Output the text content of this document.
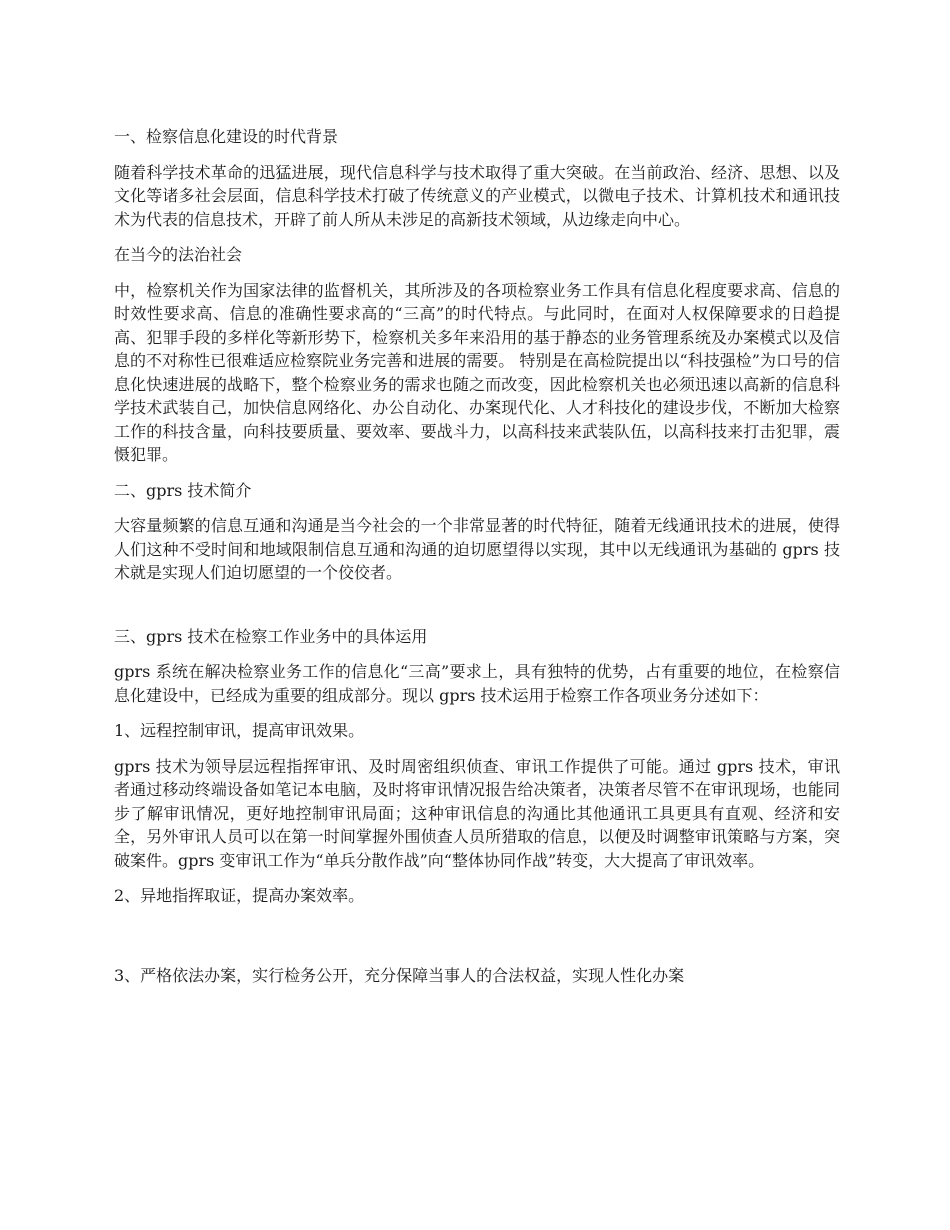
一、检察信息化建设的时代背景

随着科学技术革命的迅猛进展，现代信息科学与技术取得了重大突破。在当前政治、经济、思想、以及文化等诸多社会层面，信息科学技术打破了传统意义的产业模式，以微电子技术、计算机技术和通讯技术为代表的信息技术，开辟了前人所从未涉足的高新技术领域，从边缘走向中心。

在当今的法治社会

中，检察机关作为国家法律的监督机关，其所涉及的各项检察业务工作具有信息化程度要求高、信息的时效性要求高、信息的准确性要求高的“三高”的时代特点。与此同时，在面对人权保障要求的日趋提高、犯罪手段的多样化等新形势下，检察机关多年来沿用的基于静态的业务管理系统及办案模式以及信息的不对称性已很难适应检察院业务完善和进展的需要。 特别是在高检院提出以“科技强检”为口号的信息化快速进展的战略下，整个检察业务的需求也随之而改变，因此检察机关也必须迅速以高新的信息科学技术武装自己，加快信息网络化、办公自动化、办案现代化、人才科技化的建设步伐，不断加大检察工作的科技含量，向科技要质量、要效率、要战斗力，以高科技来武装队伍，以高科技来打击犯罪，震慑犯罪。

二、gprs 技术简介

大容量频繁的信息互通和沟通是当今社会的一个非常显著的时代特征，随着无线通讯技术的进展，使得人们这种不受时间和地域限制信息互通和沟通的迫切愿望得以实现，其中以无线通讯为基础的 gprs 技术就是实现人们迫切愿望的一个佼佼者。

三、gprs 技术在检察工作业务中的具体运用

gprs 系统在解决检察业务工作的信息化“三高”要求上，具有独特的优势，占有重要的地位，在检察信息化建设中，已经成为重要的组成部分。现以 gprs 技术运用于检察工作各项业务分述如下：

1、远程控制审讯，提高审讯效果。

gprs 技术为领导层远程指挥审讯、及时周密组织侦查、审讯工作提供了可能。通过 gprs 技术，审讯者通过移动终端设备如笔记本电脑，及时将审讯情况报告给决策者，决策者尽管不在审讯现场，也能同步了解审讯情况，更好地控制审讯局面；这种审讯信息的沟通比其他通讯工具更具有直观、经济和安全，另外审讯人员可以在第一时间掌握外围侦查人员所猎取的信息，以便及时调整审讯策略与方案，突破案件。gprs 变审讯工作为“单兵分散作战”向“整体协同作战”转变，大大提高了审讯效率。

2、异地指挥取证，提高办案效率。

3、严格依法办案，实行检务公开，充分保障当事人的合法权益，实现人性化办案
